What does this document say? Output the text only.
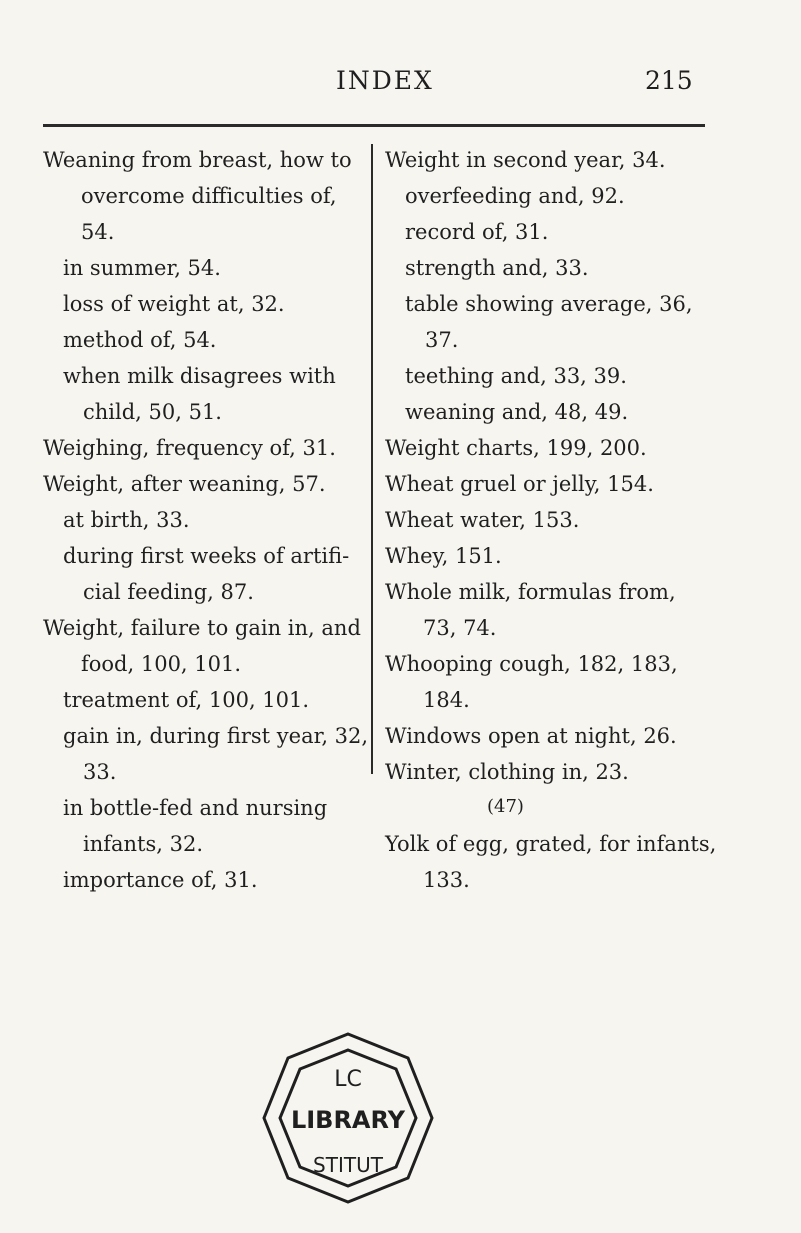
INDEX	215
Weaning from breast, how to
overcome difficulties of,
54.
in summer, 54.
loss of weight at, 32.
method of, 54.
when milk disagrees with
child, 50, 51.
Weighing, frequency of, 31.
Weight, after weaning, 57.
at birth, 33.
during first weeks of artifi-
cial feeding, 87.
Weight, failure to gain in, and
food, 100, 101.
treatment of, 100, 101.
gain in, during first year, 32,
33.
in bottle-fed and nursing
infants, 32.
importance of, 31.
Weight in second year, 34.
overfeeding and, 92.
record of, 31.
strength and, 33.
table showing average, 36,
37.
teething and, 33, 39.
weaning and, 48, 49.
Weight charts, 199, 200.
Wheat gruel or jelly, 154.
Wheat water, 153.
Whey, 151.
Whole milk, formulas from,
73, 74.
Whooping cough, 182, 183,
184.
Windows open at night, 26.
Winter, clothing in, 23.
Yolk of egg, grated, for infants,
133.
(47)
LC
LIBRARY
STITUT
